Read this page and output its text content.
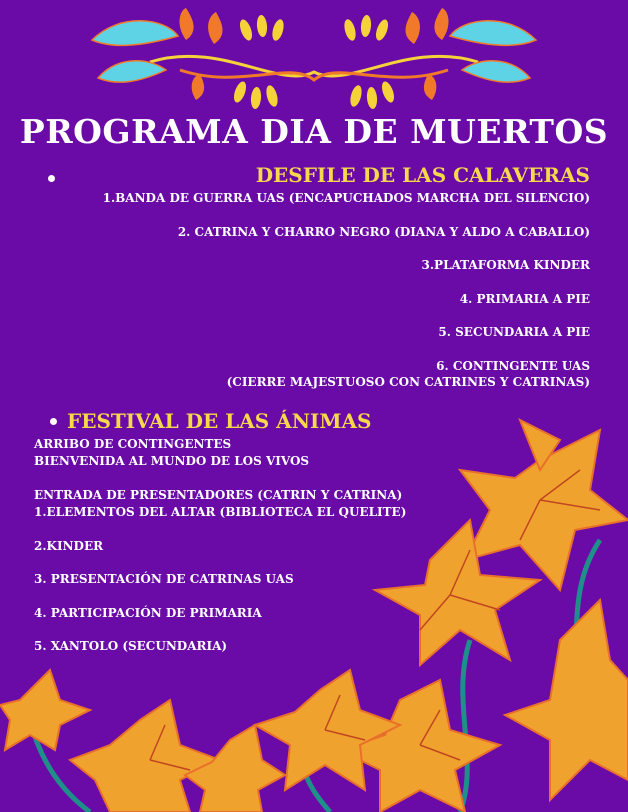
PROGRAMA DIA DE MUERTOS
DESFILE DE LAS CALAVERAS
1.BANDA DE GUERRA UAS (ENCAPUCHADOS MARCHA DEL SILENCIO)
2. CATRINA Y CHARRO NEGRO (DIANA Y ALDO A CABALLO)
3.PLATAFORMA KINDER
4. PRIMARIA A PIE
5. SECUNDARIA A PIE
6. CONTINGENTE UAS
(CIERRE MAJESTUOSO CON CATRINES Y CATRINAS)
FESTIVAL DE LAS ÁNIMAS
ARRIBO DE CONTINGENTES
BIENVENIDA AL MUNDO DE LOS VIVOS
ENTRADA DE PRESENTADORES (CATRIN Y CATRINA)
1.ELEMENTOS DEL ALTAR (BIBLIOTECA EL QUELITE)
2.KINDER
3. PRESENTACIÓN DE CATRINAS UAS
4. PARTICIPACIÓN DE PRIMARIA
5. XANTOLO (SECUNDARIA)
